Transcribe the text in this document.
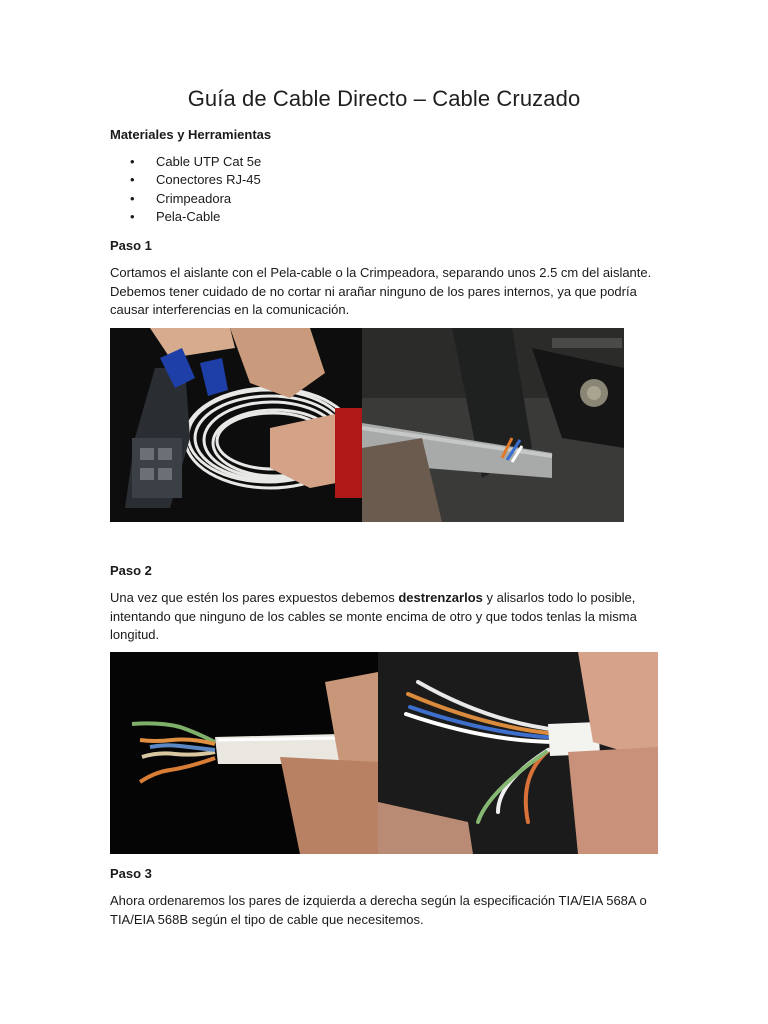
Guía de Cable Directo – Cable Cruzado
Materiales y Herramientas
• Cable UTP Cat 5e
• Conectores RJ-45
• Crimpeadora
• Pela-Cable
Paso 1

Cortamos el aislante con el Pela-cable o la Crimpeadora, separando unos 2.5 cm del aislante.
Debemos tener cuidado de no cortar ni arañar ninguno de los pares internos, ya que podría
causar interferencias en la comunicación.

Paso 2

Una vez que estén los pares expuestos debemos destrenzarlos y alisarlos todo lo posible,
intentando que ninguno de los cables se monte encima de otro y que todos tenlas la misma
longitud.

Paso 3

Ahora ordenaremos los pares de izquierda a derecha según la especificación TIA/EIA 568A o
TIA/EIA 568B según el tipo de cable que necesitemos.
